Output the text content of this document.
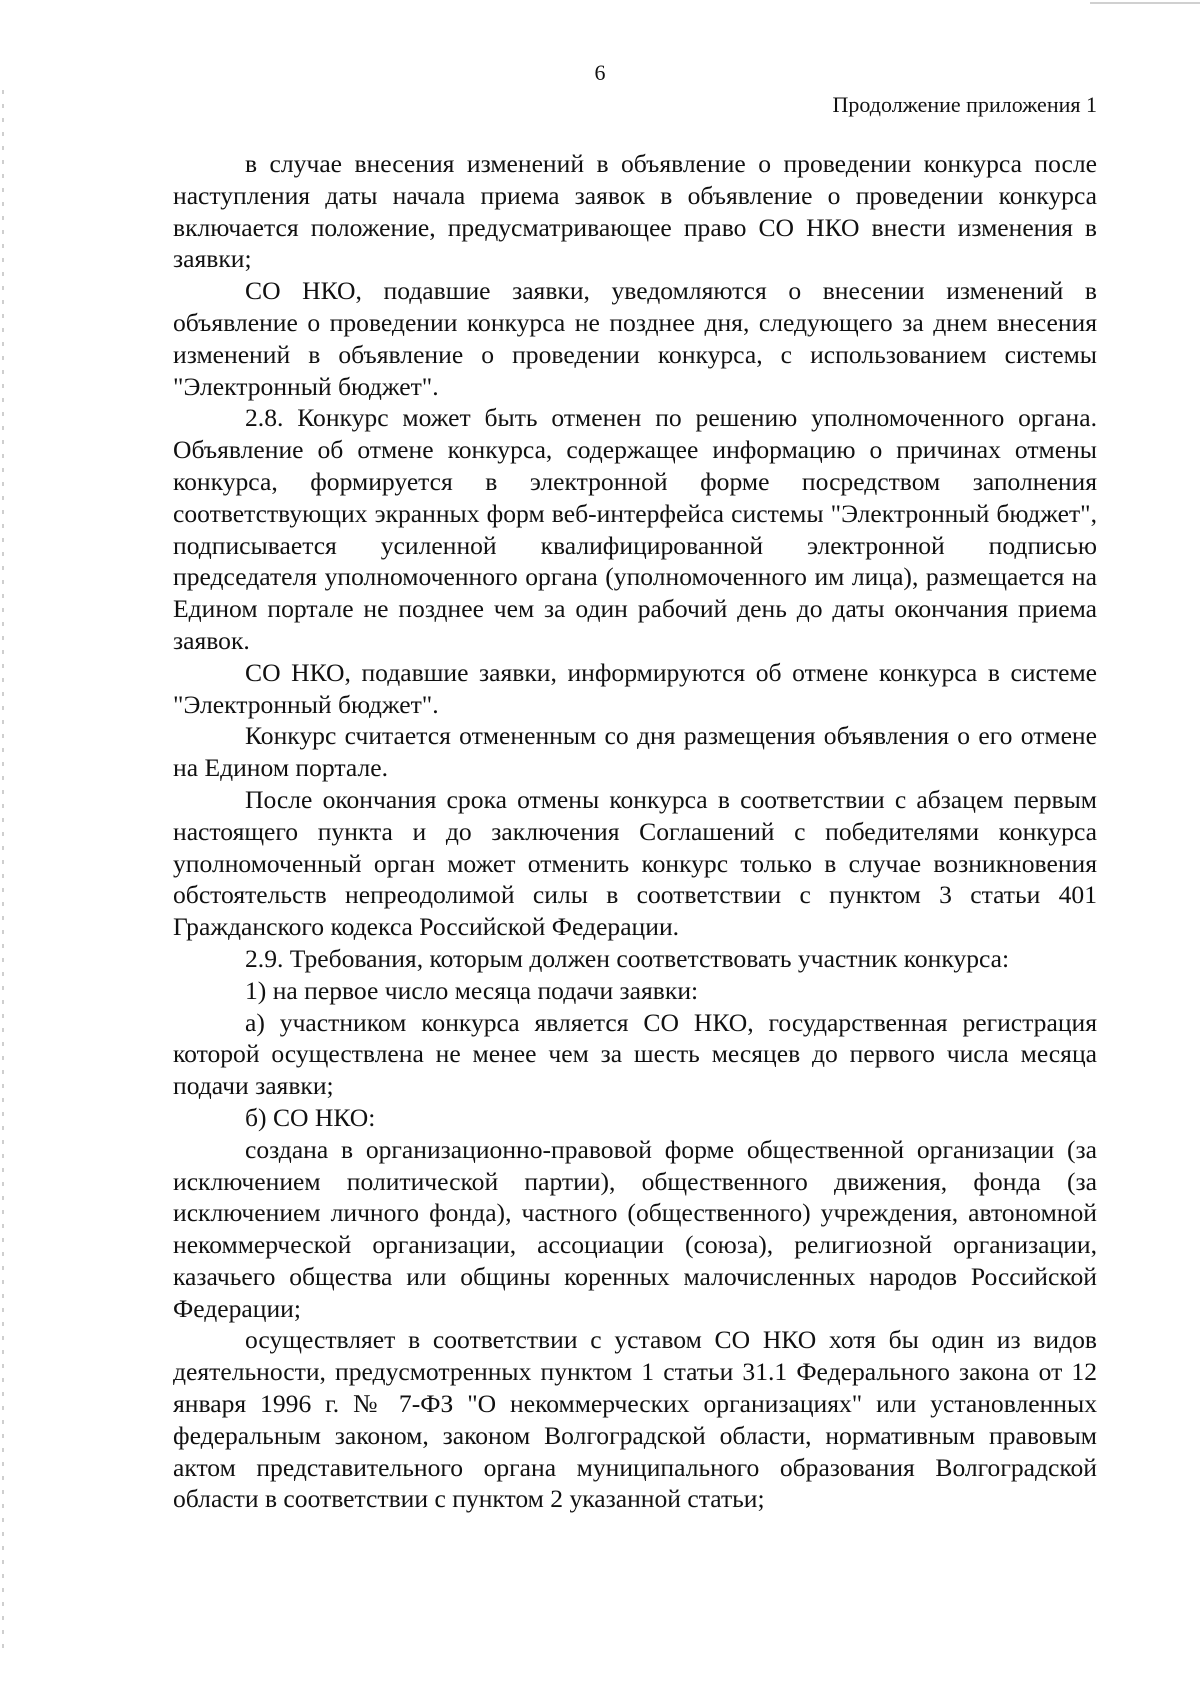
6
Продолжение приложения 1

в случае внесения изменений в объявление о проведении конкурса после наступления даты начала приема заявок в объявление о проведении конкурса включается положение, предусматривающее право СО НКО внести изменения в заявки;

СО НКО, подавшие заявки, уведомляются о внесении изменений в объявление о проведении конкурса не позднее дня, следующего за днем внесения изменений в объявление о проведении конкурса, с использованием системы "Электронный бюджет".

2.8. Конкурс может быть отменен по решению уполномоченного органа. Объявление об отмене конкурса, содержащее информацию о причинах отмены конкурса, формируется в электронной форме посредством заполнения соответствующих экранных форм веб-интерфейса системы "Электронный бюджет", подписывается усиленной квалифицированной электронной подписью председателя уполномоченного органа (уполномоченного им лица), размещается на Едином портале не позднее чем за один рабочий день до даты окончания приема заявок.

СО НКО, подавшие заявки, информируются об отмене конкурса в системе "Электронный бюджет".

Конкурс считается отмененным со дня размещения объявления о его отмене на Едином портале.

После окончания срока отмены конкурса в соответствии с абзацем первым настоящего пункта и до заключения Соглашений с победителями конкурса уполномоченный орган может отменить конкурс только в случае возникновения обстоятельств непреодолимой силы в соответствии с пунктом 3 статьи 401 Гражданского кодекса Российской Федерации.

2.9. Требования, которым должен соответствовать участник конкурса:

1) на первое число месяца подачи заявки:

а) участником конкурса является СО НКО, государственная регистрация которой осуществлена не менее чем за шесть месяцев до первого числа месяца подачи заявки;

б) СО НКО:

создана в организационно-правовой форме общественной организации (за исключением политической партии), общественного движения, фонда (за исключением личного фонда), частного (общественного) учреждения, автономной некоммерческой организации, ассоциации (союза), религиозной организации, казачьего общества или общины коренных малочисленных народов Российской Федерации;

осуществляет в соответствии с уставом СО НКО хотя бы один из видов деятельности, предусмотренных пунктом 1 статьи 31.1 Федерального закона от 12 января 1996 г. № 7-ФЗ "О некоммерческих организациях" или установленных федеральным законом, законом Волгоградской области, нормативным правовым актом представительного органа муниципального образования Волгоградской области в соответствии с пунктом 2 указанной статьи;
